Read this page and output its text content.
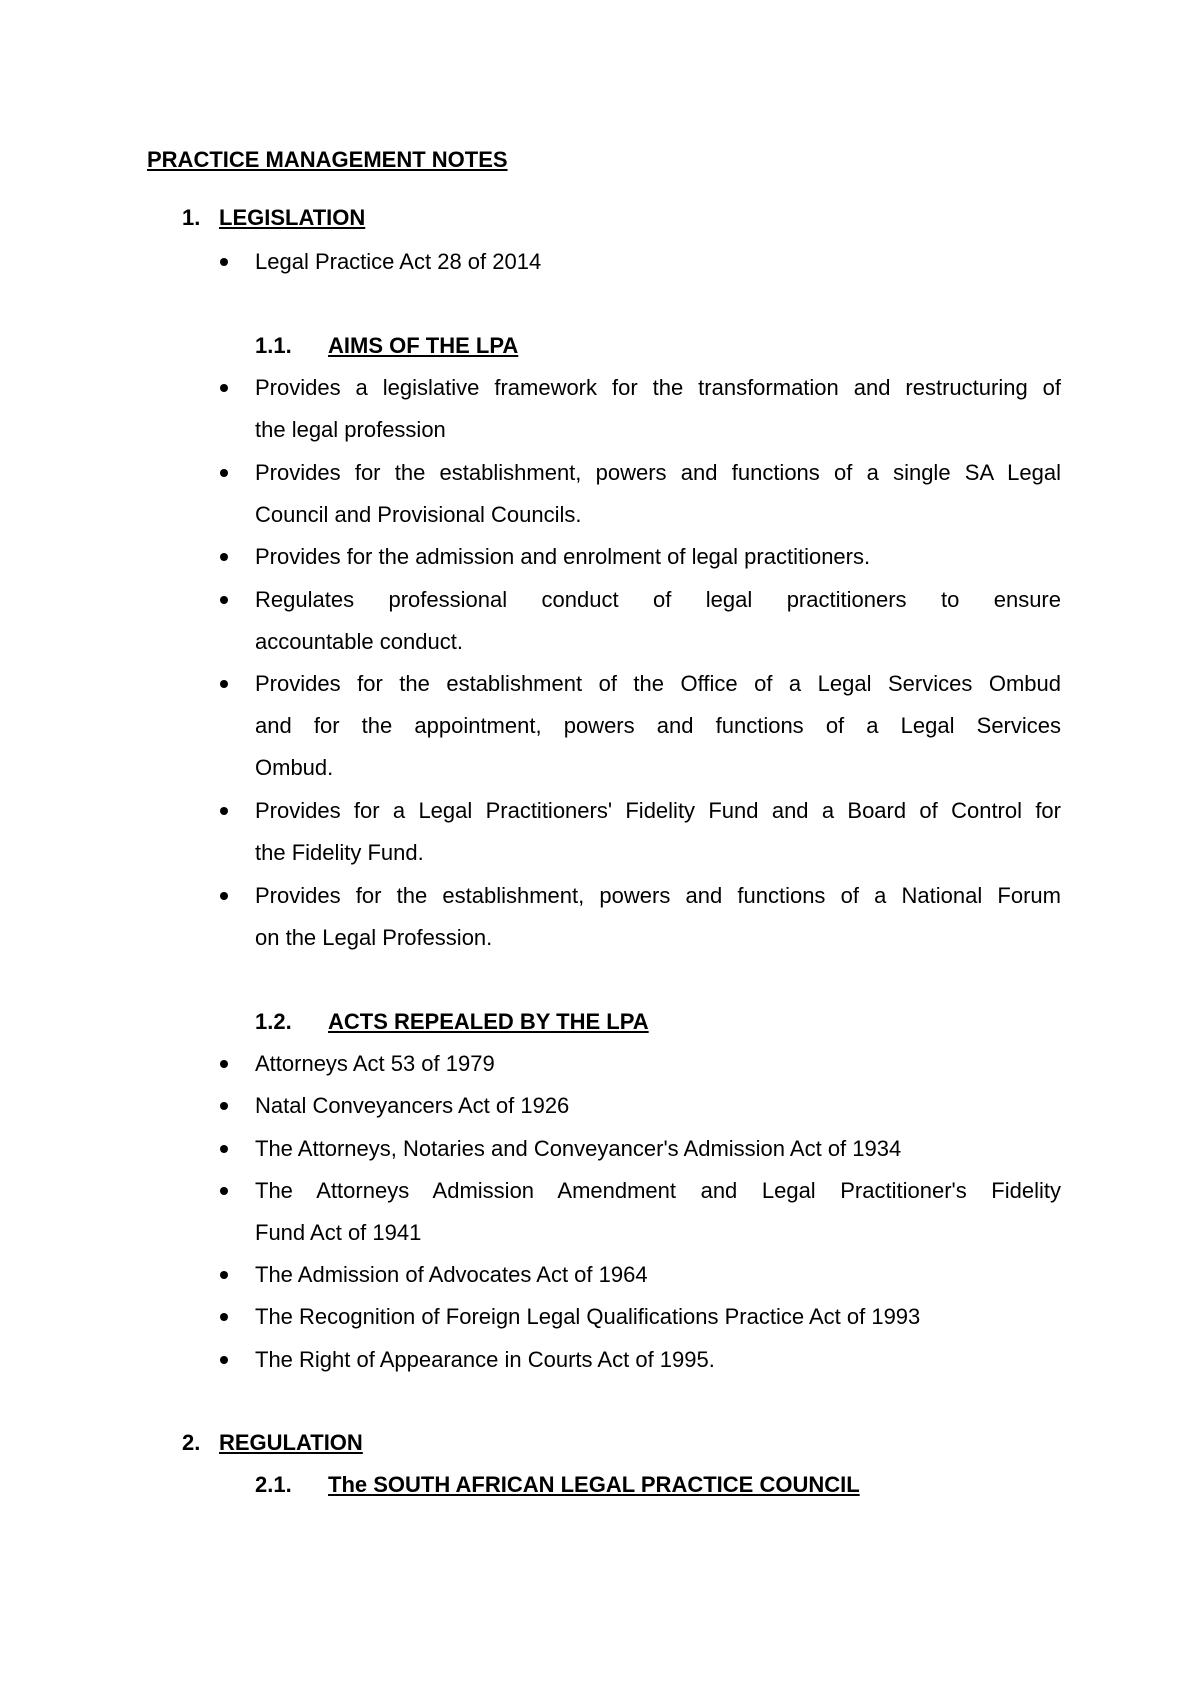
PRACTICE MANAGEMENT NOTES
1. LEGISLATION
Legal Practice Act 28 of 2014
1.1. AIMS OF THE LPA
Provides a legislative framework for the transformation and restructuring of
the legal profession
Provides for the establishment, powers and functions of a single SA Legal
Council and Provisional Councils.
Provides for the admission and enrolment of legal practitioners.
Regulates professional conduct of legal practitioners to ensure
accountable conduct.
Provides for the establishment of the Office of a Legal Services Ombud
and for the appointment, powers and functions of a Legal Services
Ombud.
Provides for a Legal Practitioners' Fidelity Fund and a Board of Control for
the Fidelity Fund.
Provides for the establishment, powers and functions of a National Forum
on the Legal Profession.
1.2. ACTS REPEALED BY THE LPA
Attorneys Act 53 of 1979
Natal Conveyancers Act of 1926
The Attorneys, Notaries and Conveyancer's Admission Act of 1934
The Attorneys Admission Amendment and Legal Practitioner's Fidelity
Fund Act of 1941
The Admission of Advocates Act of 1964
The Recognition of Foreign Legal Qualifications Practice Act of 1993
The Right of Appearance in Courts Act of 1995.
2. REGULATION
2.1. The SOUTH AFRICAN LEGAL PRACTICE COUNCIL
